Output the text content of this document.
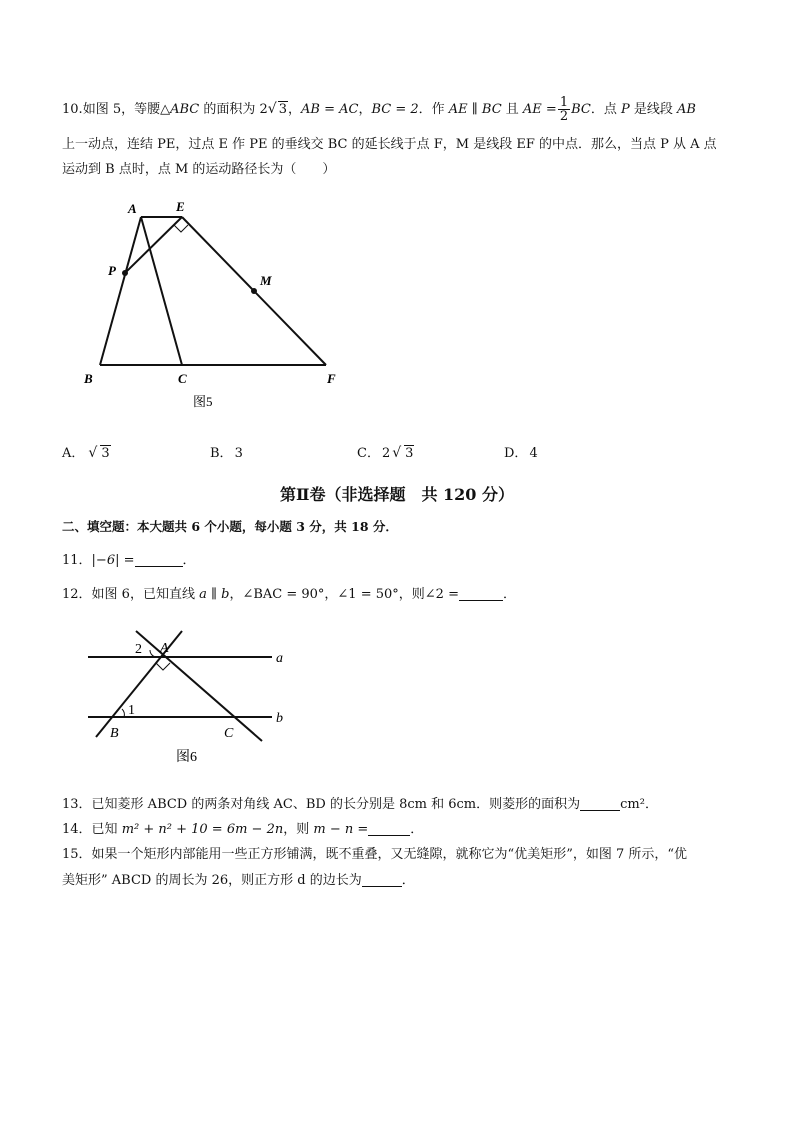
10.如图 5，等腰△ABC 的面积为 2√ 3，AB = AC，BC = 2．作 AE ∥ BC 且 AE = $\frac{1}{2}$ BC．点 P 是线段 AB
上一动点，连结 PE，过点 E 作 PE 的垂线交 BC 的延长线于点 F，M 是线段 EF 的中点．那么，当点 P 从 A 点
运动到 B 点时，点 M 的运动路径长为（　　）
A	E
P
M
B	C	F
图5
A． √ 3	B． 3	C． 2 √ 3	D． 4
第Ⅱ卷（非选择题　共 120 分）
二、填空题：本大题共 6 个小题，每小题 3 分，共 18 分．
11．|−6| =	．
12．如图 6，已知直线 a ∥ b，∠BAC = 90°，∠1 = 50°，则∠2 =	．
2 A
a
1
b
B	C
图6
13．已知菱形 ABCD 的两条对角线 AC、BD 的长分别是 8cm 和 6cm．则菱形的面积为	cm²．
14．已知 m² + n² + 10 = 6m − 2n，则 m − n =	．
15．如果一个矩形内部能用一些正方形铺满，既不重叠，又无缝隙，就称它为“优美矩形”，如图 7 所示，“优
美矩形” ABCD 的周长为 26，则正方形 d 的边长为	．
